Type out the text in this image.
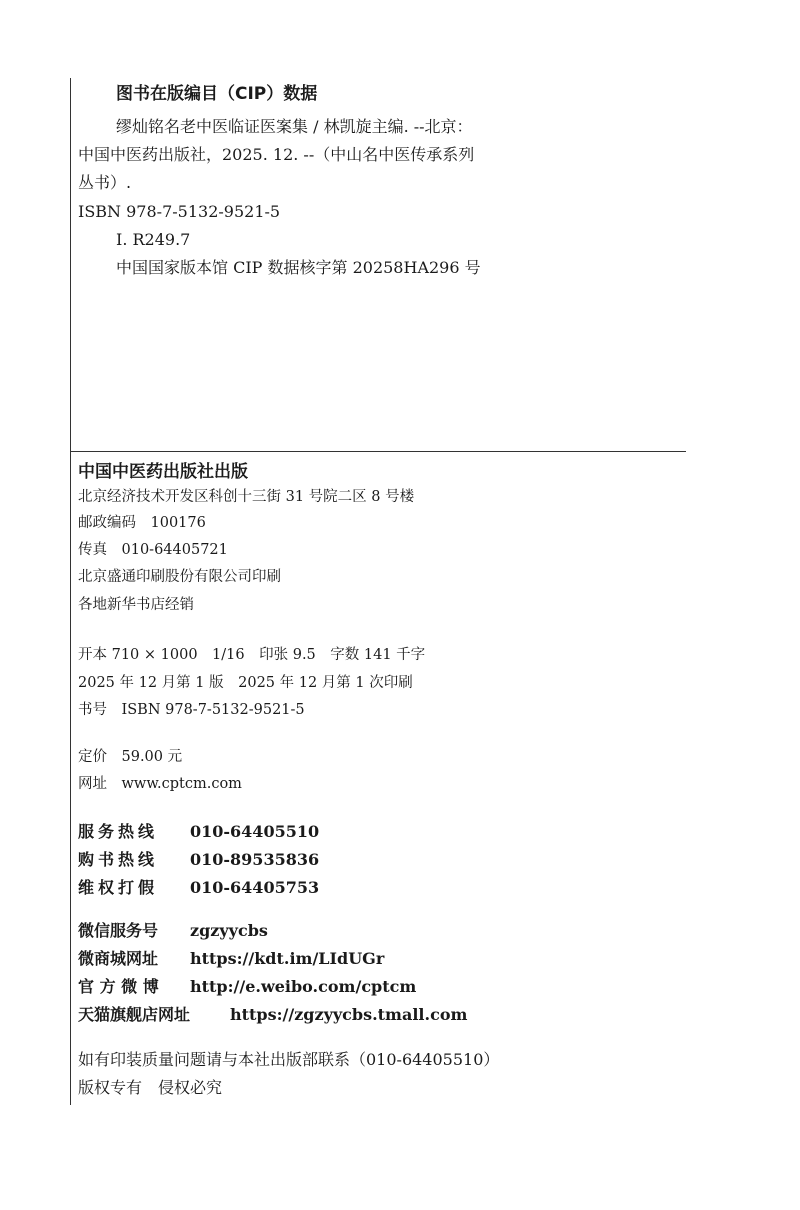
图书在版编目（CIP）数据
缪灿铭名老中医临证医案集 / 林凯旋主编. --北京：
中国中医药出版社，2025. 12. --（中山名中医传承系列
丛书）.
ISBN 978-7-5132-9521-5
Ⅰ. R249.7
中国国家版本馆 CIP 数据核字第 20258HA296 号
中国中医药出版社出版
北京经济技术开发区科创十三街 31 号院二区 8 号楼
邮政编码　100176
传真　010-64405721
北京盛通印刷股份有限公司印刷
各地新华书店经销
开本 710 × 1000　1/16　印张 9.5　字数 141 千字
2025 年 12 月第 1 版　2025 年 12 月第 1 次印刷
书号　ISBN 978-7-5132-9521-5
定价　59.00 元
网址　www.cptcm.com
服务热线 010-64405510
购书热线 010-89535836
维权打假 010-64405753
微信服务号 zgzyycbs
微商城网址 https://kdt.im/LIdUGr
官 方 微 博 http://e.weibo.com/cptcm
天猫旗舰店网址 https://zgzyycbs.tmall.com
如有印装质量问题请与本社出版部联系（010-64405510）
版权专有　侵权必究
